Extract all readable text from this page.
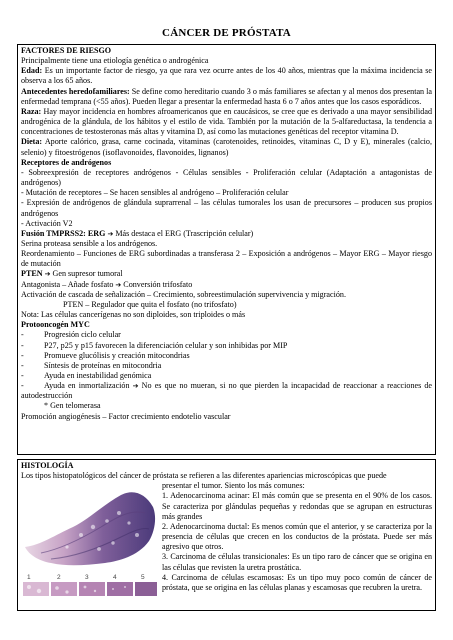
CÁNCER DE PRÓSTATA

FACTORES DE RIESGO

Principalmente tiene una etiología genética o androgénica

Edad: Es un importante factor de riesgo, ya que rara vez ocurre antes de los 40 años, mientras que la máxima incidencia se observa a los 65 años.

Antecedentes heredofamiliares: Se define como hereditario cuando 3 o más familiares se afectan y al menos dos presentan la enfermedad temprana (<55 años). Pueden llegar a presentar la enfermedad hasta 6 o 7 años antes que los casos esporádicos.

Raza: Hay mayor incidencia en hombres afroamericanos que en caucásicos, se cree que es derivado a una mayor sensibilidad androgénica de la glándula, de los hábitos y el estilo de vida. También por la mutación de la 5-alfareductasa, la tendencia a concentraciones de testosteronas más altas y vitamina D, así como las mutaciones genéticas del receptor vitamina D.

Dieta: Aporte calórico, grasa, carne cocinada, vitaminas (carotenoides, retinoides, vitaminas C, D y E), minerales (calcio, selenio) y fitoestrógenos (isoflavonoides, flavonoides, lignanos)

Receptores de andrógenos

- Sobreexpresión de receptores andrógenos - Células sensibles - Proliferación celular (Adaptación a antagonistas de andrógenos)

- Mutación de receptores – Se hacen sensibles al andrógeno – Proliferación celular

- Expresión de andrógenos de glándula suprarrenal – las células tumorales los usan de precursores – producen sus propios andrógenos

- Activación V2

Fusión TMPRSS2: ERG ➔ Más destaca el ERG (Trascripción celular)

Serina proteasa sensible a los andrógenos.

Reordenamiento – Funciones de ERG subordinadas a transferasa 2 – Exposición a andrógenos – Mayor ERG – Mayor riesgo de mutación

PTEN ➔ Gen supresor tumoral

Antagonista – Añade fosfato ➔ Conversión trifosfato

Activación de cascada de señalización – Crecimiento, sobreestimulación supervivencia y migración.

PTEN – Regulador que quita el fosfato (no trifosfato)

Nota: Las células cancerígenas no son diploides, son triploides o más

Protooncogén MYC

-	Progresión ciclo celular
-	P27, p25 y p15 favorecen la diferenciación celular y son inhibidas por MIP
-	Promueve glucólisis y creación mitocondrias
-	Síntesis de proteínas en mitocondria
-	Ayuda en inestabilidad genómica
-	Ayuda en inmortalización ➔ No es que no mueran, si no que pierden la incapacidad de reaccionar a reacciones de autodestrucción

* Gen telomerasa

Promoción angiogénesis – Factor crecimiento endotelio vascular

HISTOLOGÍA

Los tipos histopatológicos del cáncer de próstata se refieren a las diferentes apariencias microscópicas que puede

1	2	3	4	5

presentar el tumor. Siento los más comunes:

1. Adenocarcinoma acinar: El más común que se presenta en el 90% de los casos. Se caracteriza por glándulas pequeñas y redondas que se agrupan en estructuras más grandes

2. Adenocarcinoma ductal: Es menos común que el anterior, y se caracteriza por la presencia de células que crecen en los conductos de la próstata. Puede ser más agresivo que otros.

3. Carcinoma de células transicionales: Es un tipo raro de cáncer que se origina en las células que revisten la uretra prostática.

4. Carcinoma de células escamosas: Es un tipo muy poco común de cáncer de próstata, que se origina en las células planas y escamosas que recubren la uretra.
